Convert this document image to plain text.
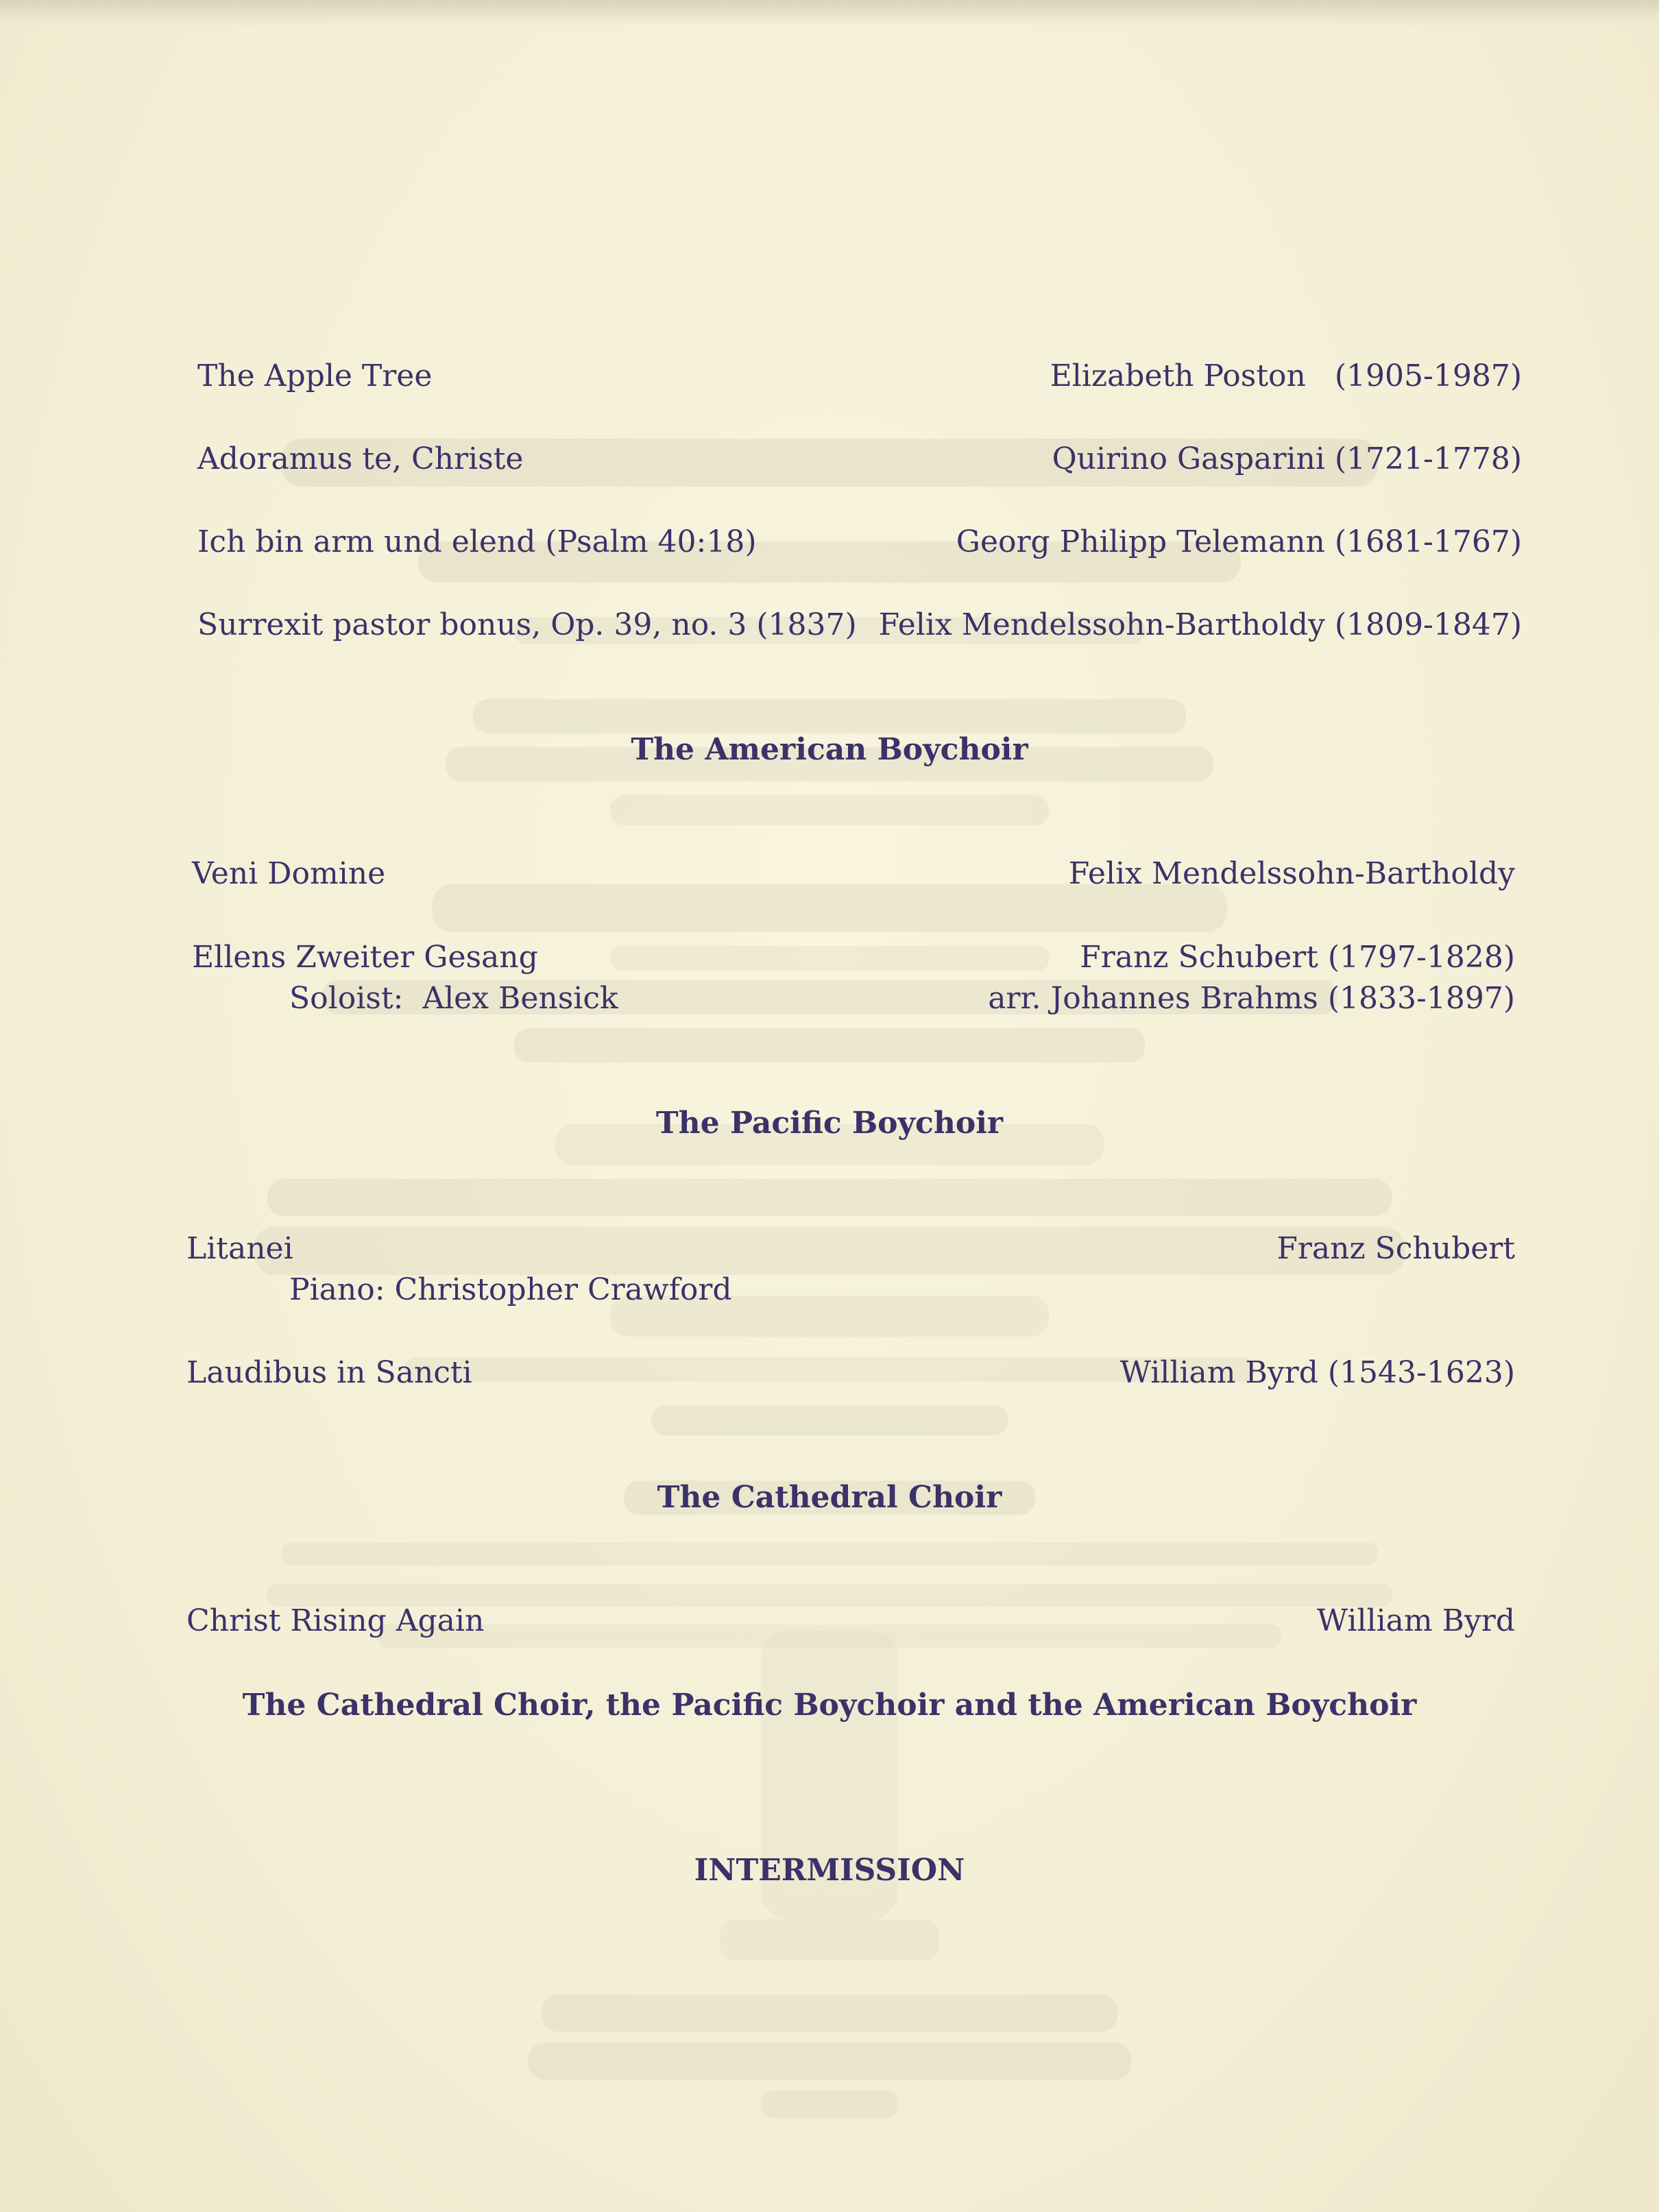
The Apple Tree	Elizabeth Poston   (1905-1987)
Adoramus te, Christe	Quirino Gasparini (1721-1778)
Ich bin arm und elend (Psalm 40:18)	Georg Philipp Telemann (1681-1767)
Surrexit pastor bonus, Op. 39, no. 3 (1837) Felix Mendelssohn-Bartholdy (1809-1847)
The American Boychoir
Veni Domine	Felix Mendelssohn-Bartholdy
Ellens Zweiter Gesang	Franz Schubert (1797-1828)
Soloist:  Alex Bensick	arr. Johannes Brahms (1833-1897)
The Pacific Boychoir
Litanei	Franz Schubert
Piano: Christopher Crawford
Laudibus in Sancti	William Byrd (1543-1623)
The Cathedral Choir
Christ Rising Again	William Byrd
The Cathedral Choir, the Pacific Boychoir and the American Boychoir
INTERMISSION
